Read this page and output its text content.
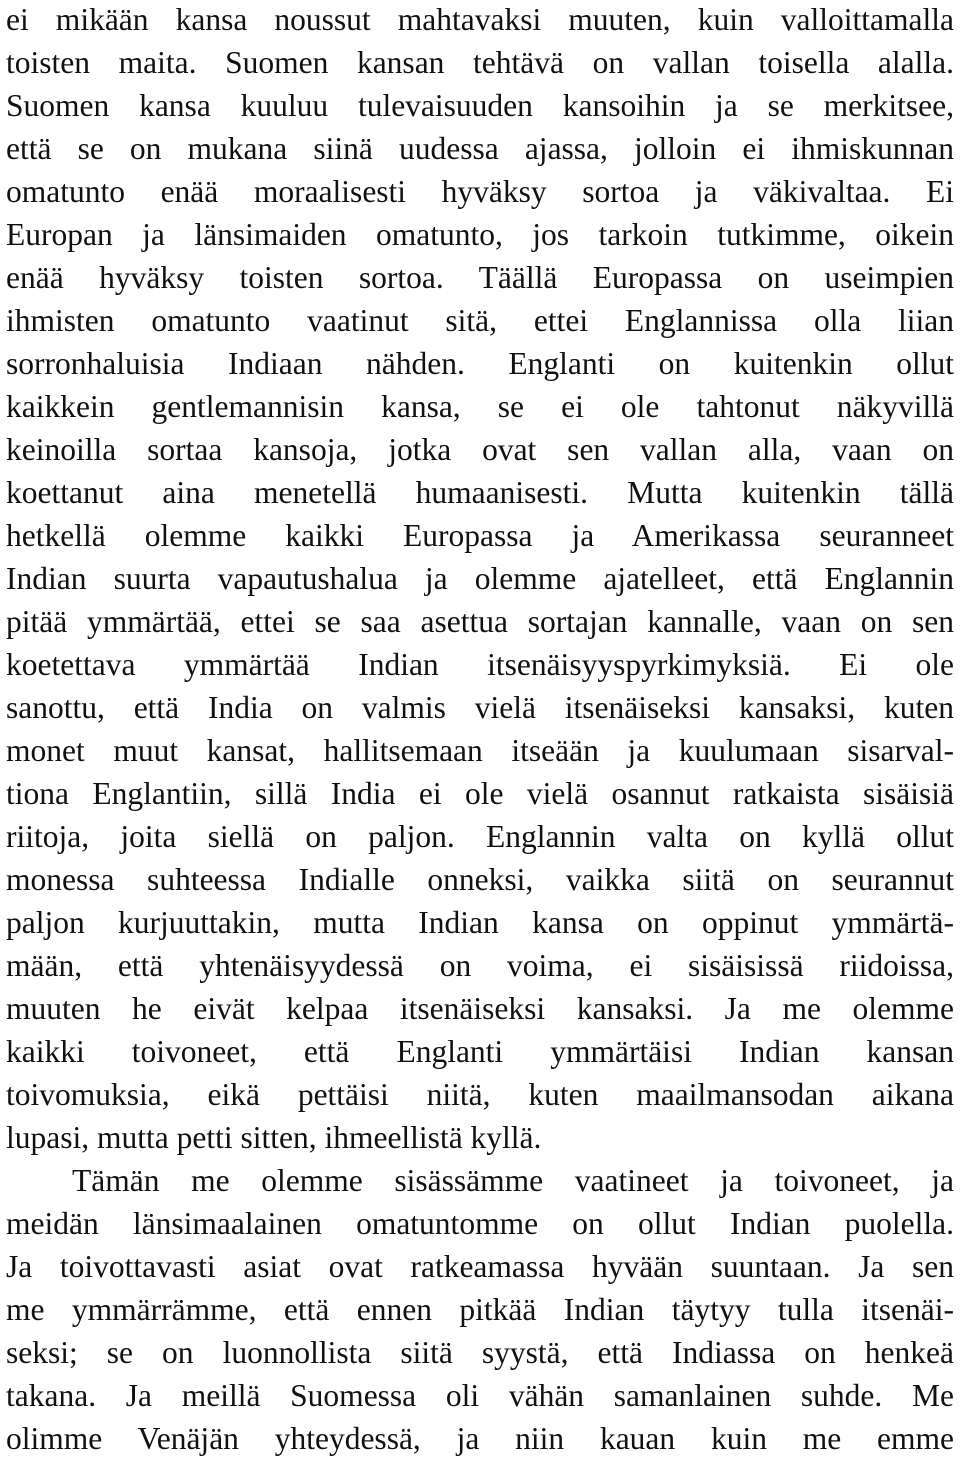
ei mikään kansa noussut mahtavaksi muuten, kuin valloittamalla
toisten maita. Suomen kansan tehtävä on vallan toisella alalla.
Suomen kansa kuuluu tulevaisuuden kansoihin ja se merkitsee,
että se on mukana siinä uudessa ajassa, jolloin ei ihmiskunnan
omatunto enää moraalisesti hyväksy sortoa ja väkivaltaa. Ei
Europan ja länsimaiden omatunto, jos tarkoin tutkimme, oikein
enää hyväksy toisten sortoa. Täällä Europassa on useimpien
ihmisten omatunto vaatinut sitä, ettei Englannissa olla liian
sorronhaluisia Indiaan nähden. Englanti on kuitenkin ollut
kaikkein gentlemannisin kansa, se ei ole tahtonut näkyvillä
keinoilla sortaa kansoja, jotka ovat sen vallan alla, vaan on
koettanut aina menetellä humaanisesti. Mutta kuitenkin tällä
hetkellä olemme kaikki Europassa ja Amerikassa seuranneet
Indian suurta vapautushalua ja olemme ajatelleet, että Englannin
pitää ymmärtää, ettei se saa asettua sortajan kannalle, vaan on sen
koetettava ymmärtää Indian itsenäisyyspyrkimyksiä. Ei ole
sanottu, että India on valmis vielä itsenäiseksi kansaksi, kuten
monet muut kansat, hallitsemaan itseään ja kuulumaan sisarval-
tiona Englantiin, sillä India ei ole vielä osannut ratkaista sisäisiä
riitoja, joita siellä on paljon. Englannin valta on kyllä ollut
monessa suhteessa Indialle onneksi, vaikka siitä on seurannut
paljon kurjuuttakin, mutta Indian kansa on oppinut ymmärtä-
mään, että yhtenäisyydessä on voima, ei sisäisissä riidoissa,
muuten he eivät kelpaa itsenäiseksi kansaksi. Ja me olemme
kaikki toivoneet, että Englanti ymmärtäisi Indian kansan
toivomuksia, eikä pettäisi niitä, kuten maailmansodan aikana
lupasi, mutta petti sitten, ihmeellistä kyllä.
Tämän me olemme sisässämme vaatineet ja toivoneet, ja
meidän länsimaalainen omatuntomme on ollut Indian puolella.
Ja toivottavasti asiat ovat ratkeamassa hyvään suuntaan. Ja sen
me ymmärrämme, että ennen pitkää Indian täytyy tulla itsenäi-
seksi; se on luonnollista siitä syystä, että Indiassa on henkeä
takana. Ja meillä Suomessa oli vähän samanlainen suhde. Me
olimme Venäjän yhteydessä, ja niin kauan kuin me emme
